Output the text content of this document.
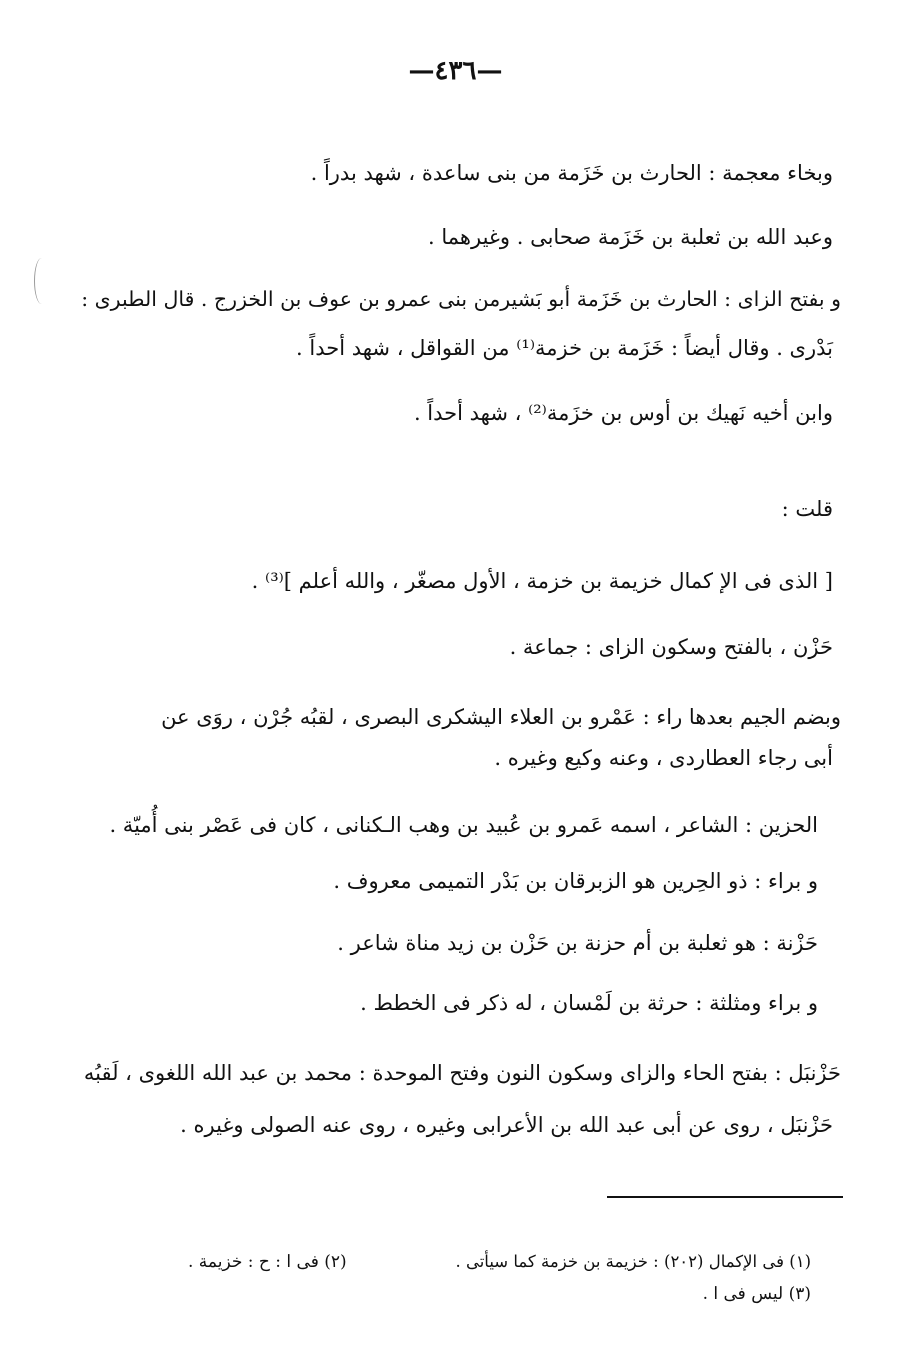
—٤٣٦—
وبخاء معجمة : الحارث بن خَزَمة من بنى ساعدة ، شهد بدراً .
وعبد الله بن ثعلبة بن خَزَمة صحابى . وغيرهما .
و بفتح الزاى : الحارث بن خَزَمة أبو بَشيرمن بنى عمرو بن عوف بن الخزرج . قال الطبرى :
بَدْرى . وقال أيضاً : خَزَمة بن خزمة⁽¹⁾ من القواقل ، شهد أحداً .
وابن أخيه نَهيك بن أوس بن خزَمة⁽²⁾ ، شهد أحداً .
قلت :
[ الذى فى الإ كمال خزيمة بن خزمة ، الأول مصغّر ، والله أعلم ]⁽³⁾ .
حَزْن ، بالفتح وسكون الزاى : جماعة .
وبضم الجيم بعدها راء : عَمْرو بن العلاء اليشكرى البصرى ، لقبُه جُرْن ، روَى عن
أبى رجاء العطاردى ، وعنه وكيع وغيره .
الحزين : الشاعر ، اسمه عَمرو بن عُبيد بن وهب الـكنانى ، كان فى عَصْر بنى أُميّة .
و براء : ذو الحِرين هو الزبرقان بن بَدْر التميمى معروف .
حَزْنة : هو ثعلبة بن أم حزنة بن حَزْن بن زيد مناة شاعر .
و براء ومثلثة : حرثة بن لَمْسان ، له ذكر فى الخطط .
حَزْنبَل : بفتح الحاء والزاى وسكون النون وفتح الموحدة : محمد بن عبد الله اللغوى ، لَقبُه
حَزْنبَل ، روى عن أبى عبد الله بن الأعرابى وغيره ، روى عنه الصولى وغيره .
(١) فى الإكمال (٢٠٢) : خزيمة بن خزمة كما سيأتى .
(٢) فى ا : ح : خزيمة .
(٣) ليس فى ا .
